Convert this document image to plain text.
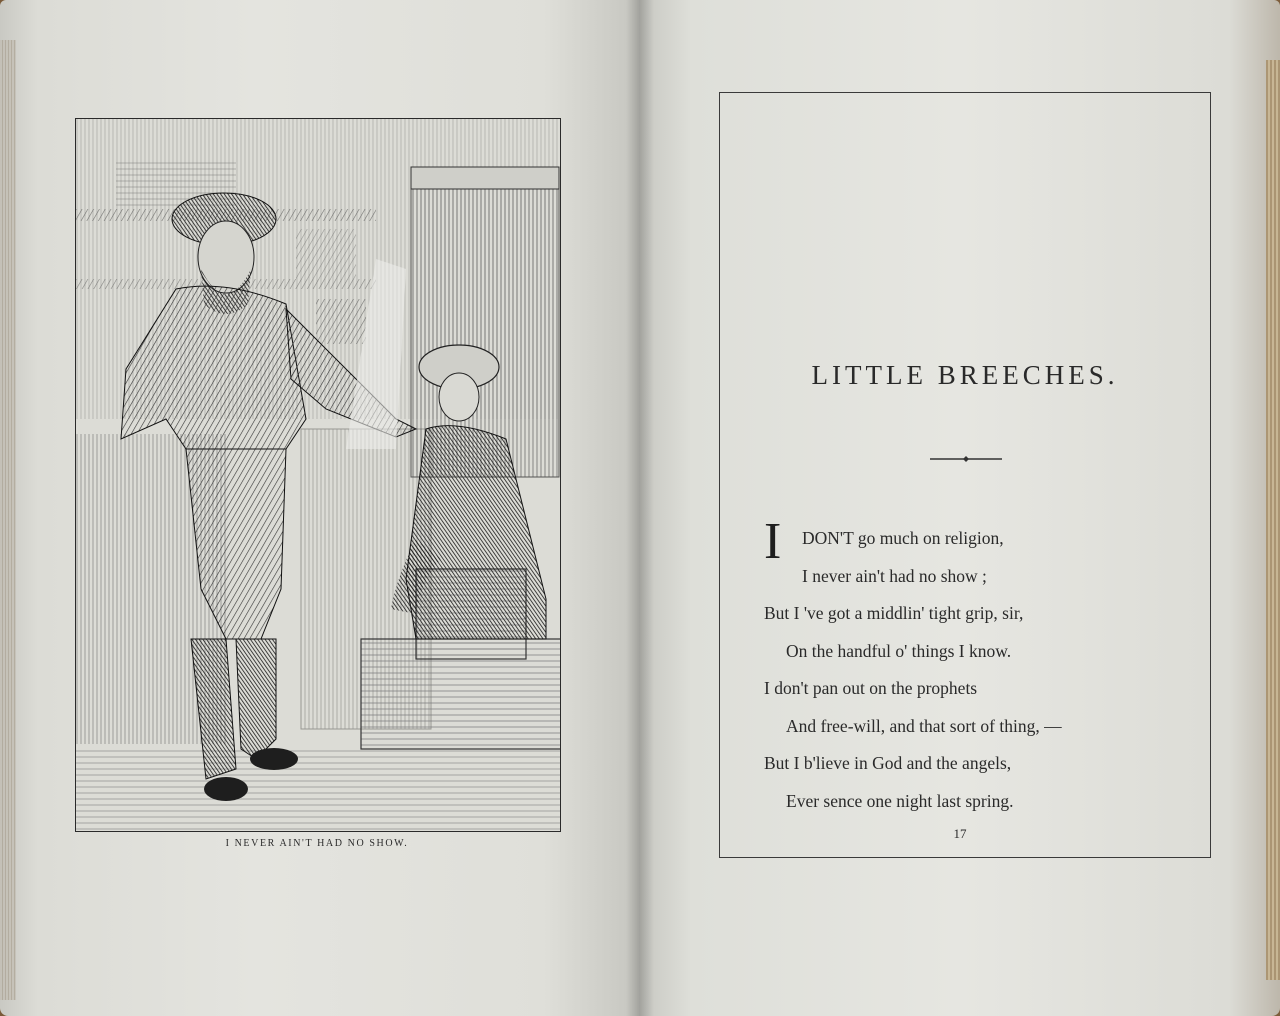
I NEVER AIN'T HAD NO SHOW.
LITTLE BREECHES.
I	DON'T go much on religion,
I never ain't had no show ;
But I 've got a middlin' tight grip, sir,
On the handful o' things I know.
I don't pan out on the prophets
And free-will, and that sort of thing, —
But I b'lieve in God and the angels,
Ever sence one night last spring.
17
